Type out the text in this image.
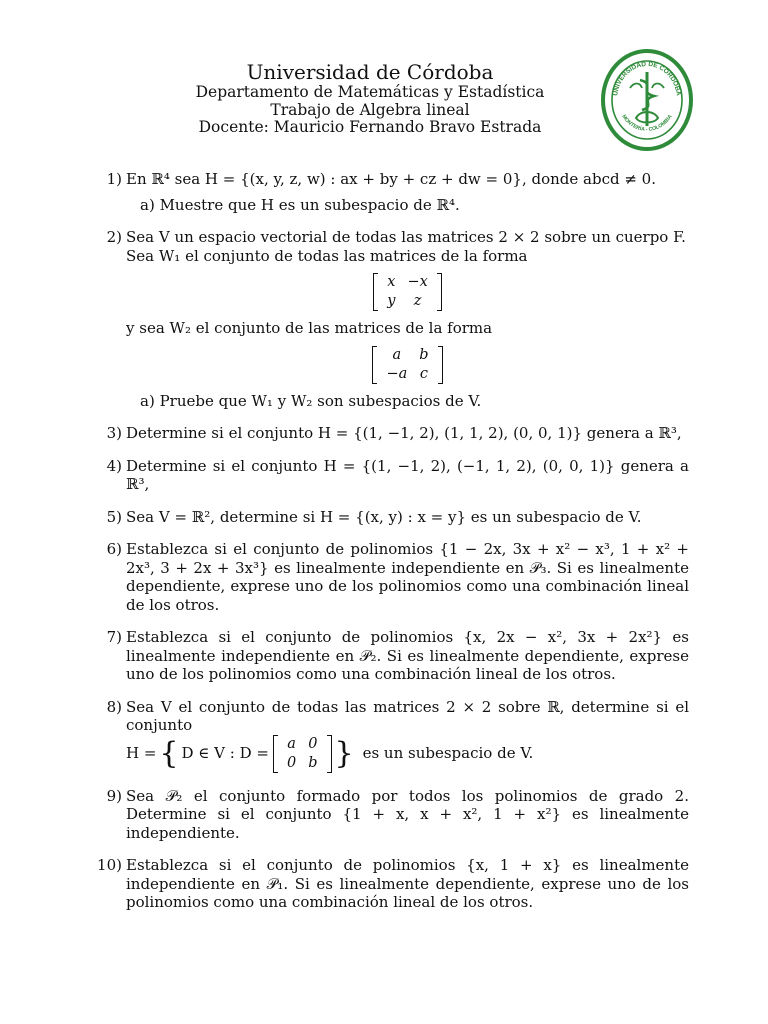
Universidad de Córdoba
Departamento de Matemáticas y Estadística
Trabajo de Algebra lineal
Docente: Mauricio Fernando Bravo Estrada
UNIVERSIDAD DE CÓRDOBA
MONTERÍA - COLOMBIA
1) En ℝ⁴ sea H = {(x, y, z, w) : ax + by + cz + dw = 0}, donde abcd ≠ 0.
a) Muestre que H es un subespacio de ℝ⁴.
2) Sea V un espacio vectorial de todas las matrices 2 × 2 sobre un cuerpo F.
Sea W₁ el conjunto de todas las matrices de la forma
x	−x
y	z
y sea W₂ el conjunto de las matrices de la forma
a	b
−a	c
a) Pruebe que W₁ y W₂ son subespacios de V.
3) Determine si el conjunto H = {(1, −1, 2), (1, 1, 2), (0, 0, 1)} genera a ℝ³,
4) Determine si el conjunto H = {(1, −1, 2), (−1, 1, 2), (0, 0, 1)} genera a ℝ³,
5) Sea V = ℝ², determine si H = {(x, y) : x = y} es un subespacio de V.
6) Establezca si el conjunto de polinomios {1 − 2x, 3x + x² − x³, 1 + x² + 2x³, 3 + 2x + 3x³} es linealmente independiente en 𝒫₃. Si es linealmente dependiente, exprese uno de los polinomios como una combinación lineal de los otros.
7) Establezca si el conjunto de polinomios {x, 2x − x², 3x + 2x²} es linealmente independiente en 𝒫₂. Si es linealmente dependiente, exprese uno de los polinomios como una combinación lineal de los otros.
8) Sea V el conjunto de todas las matrices 2 × 2 sobre ℝ, determine si el conjunto
H = { D ∈ V : D =
a	0
0	b } es un subespacio de V.
9) Sea 𝒫₂ el conjunto formado por todos los polinomios de grado 2. Determine si el conjunto {1 + x, x + x², 1 + x²} es linealmente independiente.
10) Establezca si el conjunto de polinomios {x, 1 + x} es linealmente independiente en 𝒫₁. Si es linealmente dependiente, exprese uno de los polinomios como una combinación lineal de los otros.
